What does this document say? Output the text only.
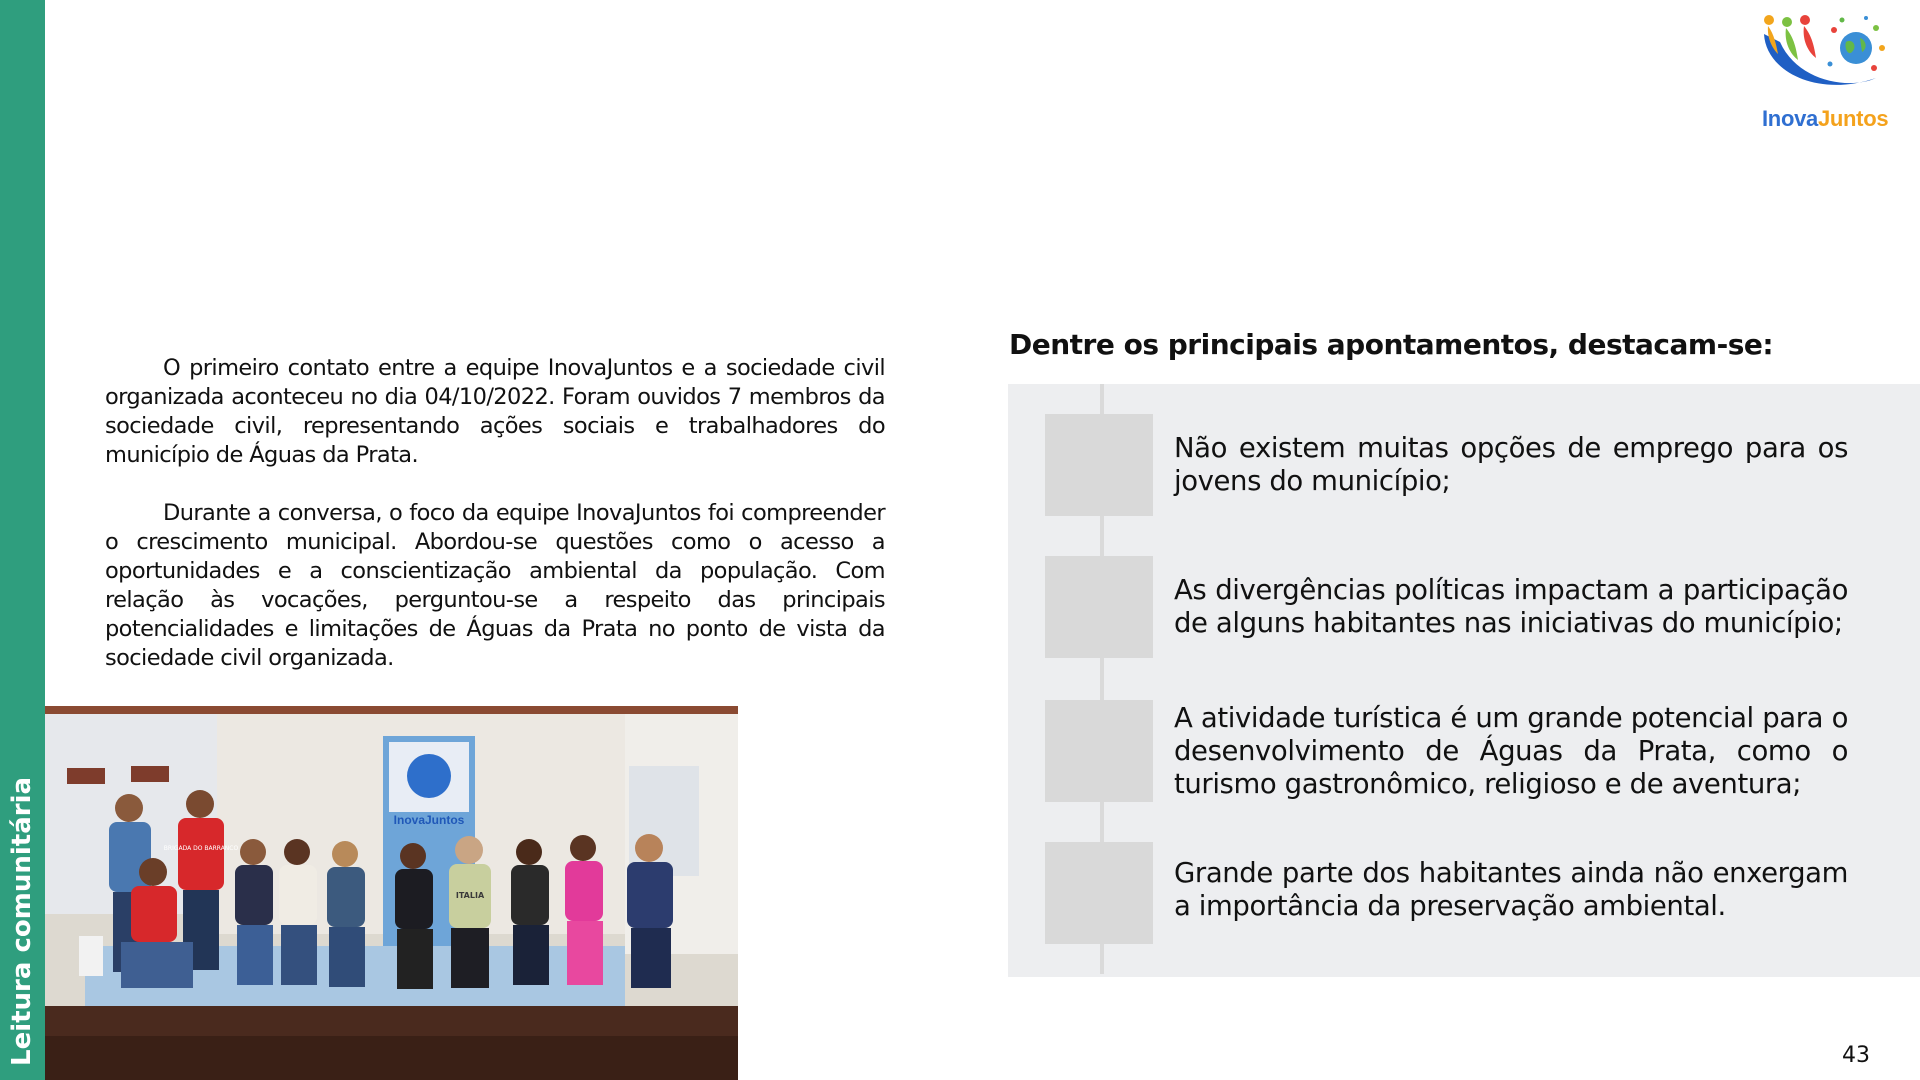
Leitura comunitária
InovaJuntos

O primeiro contato entre a equipe InovaJuntos e a sociedade civil organizada aconteceu no dia 04/10/2022. Foram ouvidos 7 membros da sociedade civil, representando ações sociais e trabalhadores do município de Águas da Prata.

Durante a conversa, o foco da equipe InovaJuntos foi compreender o crescimento municipal. Abordou-se questões como o acesso a oportunidades e a conscientização ambiental da população. Com relação às vocações, perguntou-se a respeito das principais potencialidades e limitações de Águas da Prata no ponto de vista da sociedade civil organizada.

InovaJuntos
BRIGADA DO BARRANCO
ITALIA
Dentre os principais apontamentos, destacam-se:
Não existem muitas opções de emprego para os jovens do município;
As divergências políticas impactam a participação de alguns habitantes nas iniciativas do município;
A atividade turística é um grande potencial para o desenvolvimento de Águas da Prata, como o turismo gastronômico, religioso e de aventura;
Grande parte dos habitantes ainda não enxergam a importância da preservação ambiental.
43
